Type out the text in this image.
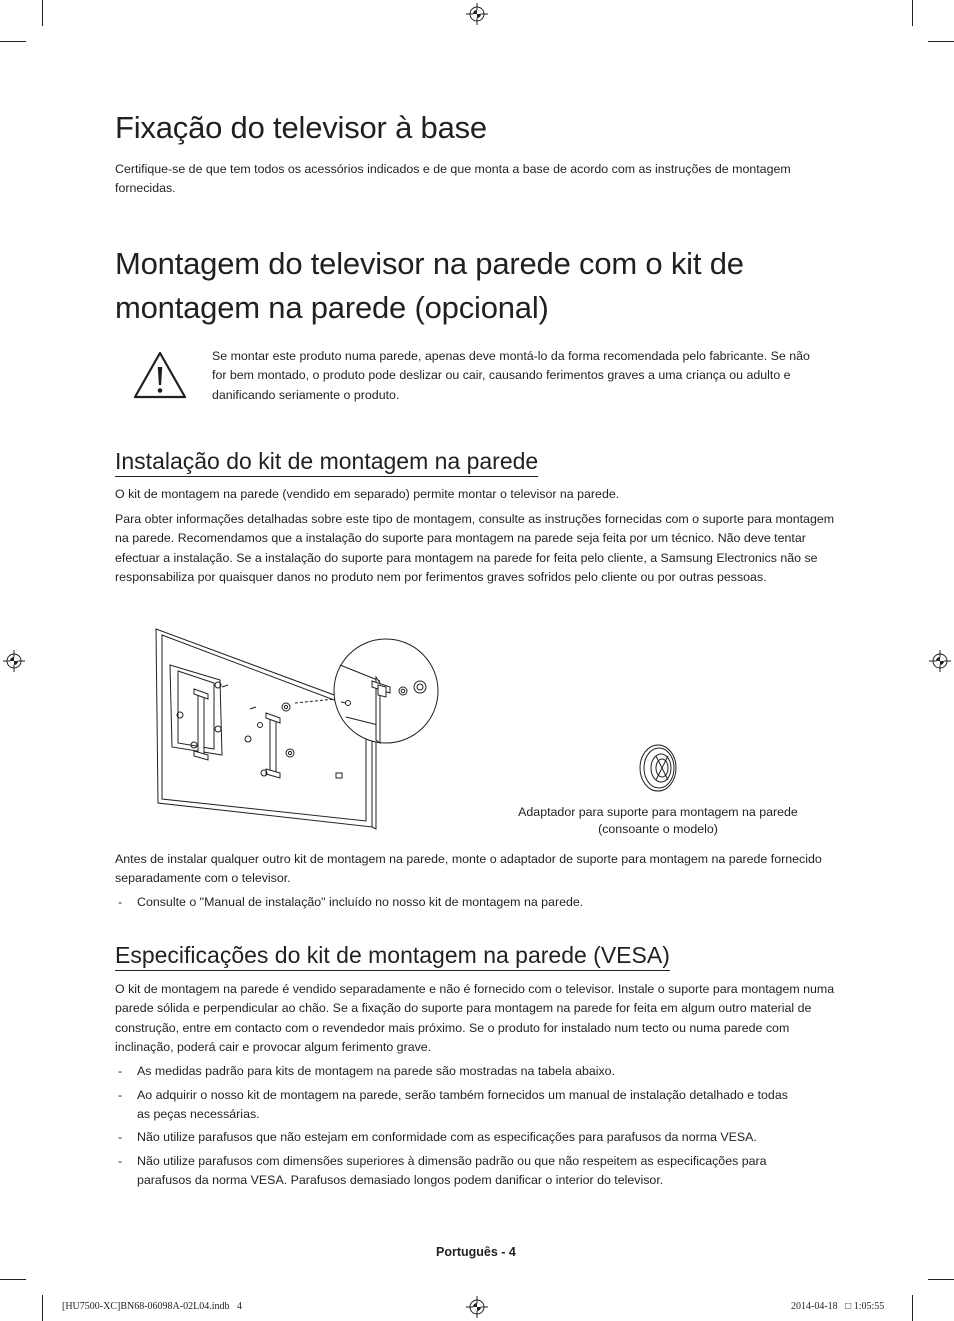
Fixação do televisor à base

Certifique-se de que tem todos os acessórios indicados e de que monta a base de acordo com as instruções de montagem fornecidas.

Montagem do televisor na parede com o kit de
montagem na parede (opcional)

Se montar este produto numa parede, apenas deve montá-lo da forma recomendada pelo fabricante. Se não for bem montado, o produto pode deslizar ou cair, causando ferimentos graves a uma criança ou adulto e danificando seriamente o produto.

Instalação do kit de montagem na parede

O kit de montagem na parede (vendido em separado) permite montar o televisor na parede.

Para obter informações detalhadas sobre este tipo de montagem, consulte as instruções fornecidas com o suporte para montagem na parede. Recomendamos que a instalação do suporte para montagem na parede seja feita por um técnico. Não deve tentar efectuar a instalação. Se a instalação do suporte para montagem na parede for feita pelo cliente, a Samsung Electronics não se responsabiliza por quaisquer danos no produto nem por ferimentos graves sofridos pelo cliente ou por outras pessoas.

Adaptador para suporte para montagem na parede
(consoante o modelo)

Antes de instalar qualquer outro kit de montagem na parede, monte o adaptador de suporte para montagem na parede fornecido separadamente com o televisor.

- Consulte o "Manual de instalação" incluído no nosso kit de montagem na parede.
Especificações do kit de montagem na parede (VESA)

O kit de montagem na parede é vendido separadamente e não é fornecido com o televisor. Instale o suporte para montagem numa parede sólida e perpendicular ao chão. Se a fixação do suporte para montagem na parede for feita em algum outro material de construção, entre em contacto com o revendedor mais próximo. Se o produto for instalado num tecto ou numa parede com inclinação, poderá cair e provocar algum ferimento grave.

- As medidas padrão para kits de montagem na parede são mostradas na tabela abaixo.
- Ao adquirir o nosso kit de montagem na parede, serão também fornecidos um manual de instalação detalhado e todas
as peças necessárias.
- Não utilize parafusos que não estejam em conformidade com as especificações para parafusos da norma VESA.
- Não utilize parafusos com dimensões superiores à dimensão padrão ou que não respeitem as especificações para
parafusos da norma VESA. Parafusos demasiado longos podem danificar o interior do televisor.
Português - 4
[HU7500-XC]BN68-06098A-02L04.indb   4	2014-04-18   □ 1:05:55
